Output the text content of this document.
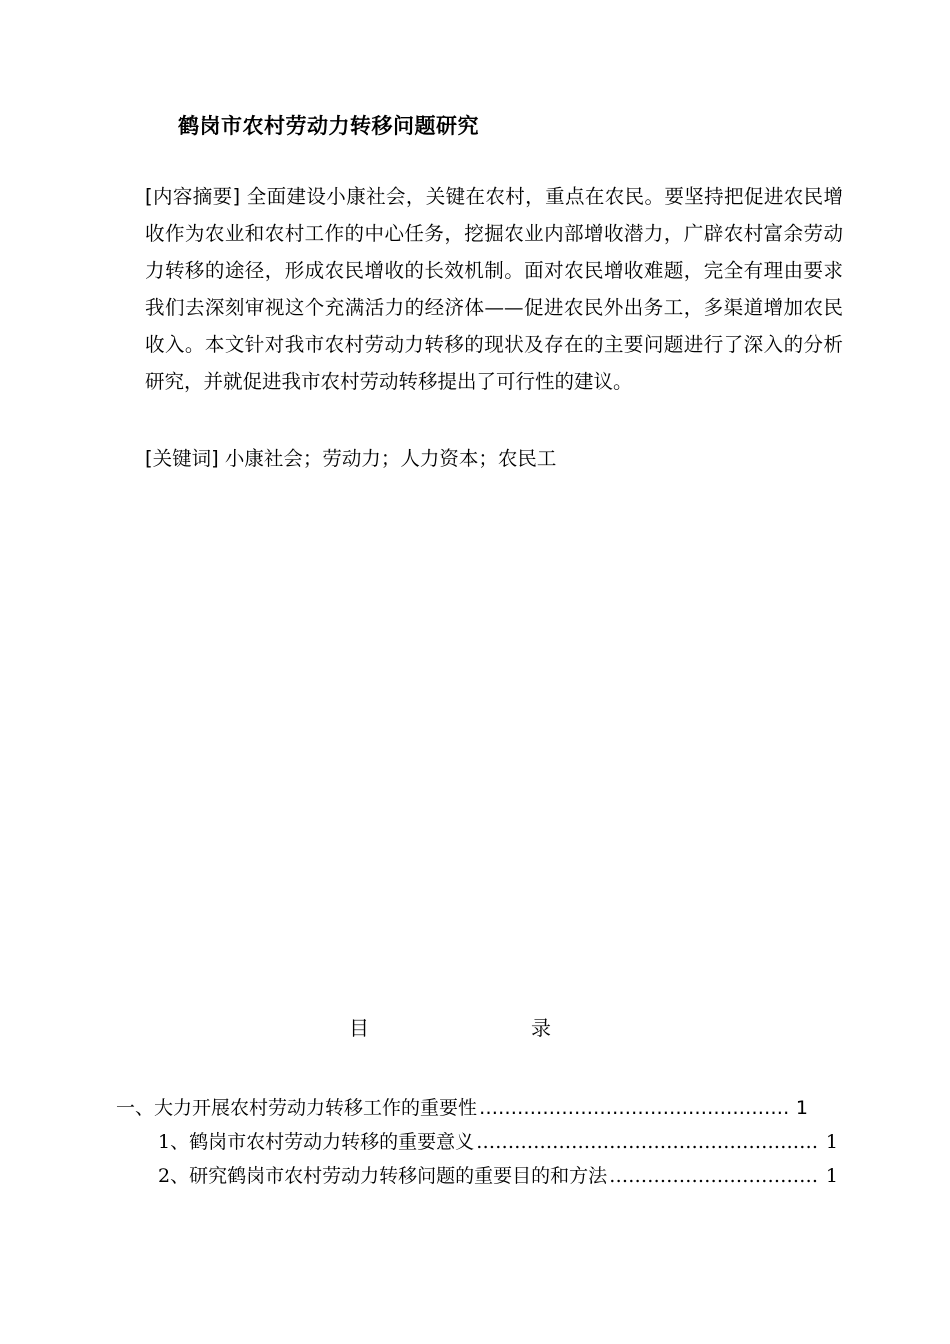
鹤岗市农村劳动力转移问题研究

[内容摘要] 全面建设小康社会，关键在农村，重点在农民。要坚持把促进农民增收作为农业和农村工作的中心任务，挖掘农业内部增收潜力，广辟农村富余劳动力转移的途径，形成农民增收的长效机制。面对农民增收难题，完全有理由要求我们去深刻审视这个充满活力的经济体——促进农民外出务工，多渠道增加农民收入。本文针对我市农村劳动力转移的现状及存在的主要问题进行了深入的分析研究，并就促进我市农村劳动转移提出了可行性的建议。

[关键词] 小康社会；劳动力；人力资本；农民工
目	录
一、大力开展农村劳动力转移工作的重要性 ………………………………………………………………………………………………	1
1、鹤岗市农村劳动力转移的重要意义 ………………………………………………………………………………………………	1
2、研究鹤岗市农村劳动力转移问题的重要目的和方法 ………………………………………………………………………………………………	1
